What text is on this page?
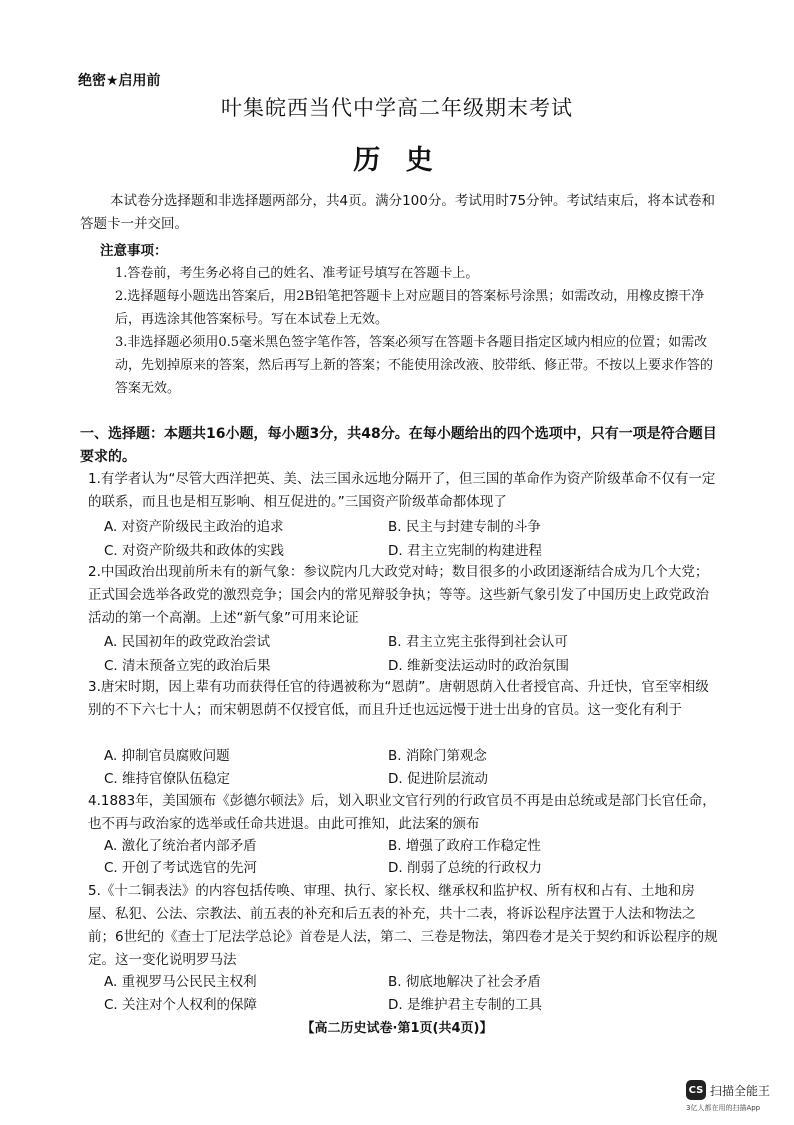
绝密★启用前
叶集皖西当代中学高二年级期末考试
历 史
本试卷分选择题和非选择题两部分，共4页。满分100分。考试用时75分钟。考试结束后，将本试卷和答题卡一并交回。
注意事项：
1.答卷前，考生务必将自己的姓名、准考证号填写在答题卡上。
2.选择题每小题选出答案后，用2B铅笔把答题卡上对应题目的答案标号涂黑；如需改动，用橡皮擦干净后，再选涂其他答案标号。写在本试卷上无效。
3.非选择题必须用0.5毫米黑色签字笔作答，答案必须写在答题卡各题目指定区域内相应的位置；如需改动，先划掉原来的答案，然后再写上新的答案；不能使用涂改液、胶带纸、修正带。不按以上要求作答的答案无效。
一、选择题：本题共16小题，每小题3分，共48分。在每小题给出的四个选项中，只有一项是符合题目要求的。
1.有学者认为“尽管大西洋把英、美、法三国永远地分隔开了，但三国的革命作为资产阶级革命不仅有一定的联系，而且也是相互影响、相互促进的。”三国资产阶级革命都体现了
A. 对资产阶级民主政治的追求	B. 民主与封建专制的斗争
C. 对资产阶级共和政体的实践	D. 君主立宪制的构建进程
2.中国政治出现前所未有的新气象：参议院内几大政党对峙；数目很多的小政团逐渐结合成为几个大党；正式国会选举各政党的激烈竞争；国会内的常见辩驳争执；等等。这些新气象引发了中国历史上政党政治活动的第一个高潮。上述“新气象”可用来论证
A. 民国初年的政党政治尝试	B. 君主立宪主张得到社会认可
C. 清末预备立宪的政治后果	D. 维新变法运动时的政治氛围
3.唐宋时期，因上辈有功而获得任官的待遇被称为“恩荫”。唐朝恩荫入仕者授官高、升迁快，官至宰相级别的不下六七十人；而宋朝恩荫不仅授官低，而且升迁也远远慢于进士出身的官员。这一变化有利于
A. 抑制官员腐败问题	B. 消除门第观念
C. 维持官僚队伍稳定	D. 促进阶层流动
4.1883年，美国颁布《彭德尔顿法》后，划入职业文官行列的行政官员不再是由总统或是部门长官任命，也不再与政治家的选举或任命共进退。由此可推知，此法案的颁布
A. 激化了统治者内部矛盾	B. 增强了政府工作稳定性
C. 开创了考试选官的先河	D. 削弱了总统的行政权力
5.《十二铜表法》的内容包括传唤、审理、执行、家长权、继承权和监护权、所有权和占有、土地和房屋、私犯、公法、宗教法、前五表的补充和后五表的补充，共十二表，将诉讼程序法置于人法和物法之前；6世纪的《查士丁尼法学总论》首卷是人法，第二、三卷是物法，第四卷才是关于契约和诉讼程序的规定。这一变化说明罗马法
A. 重视罗马公民民主权利	B. 彻底地解决了社会矛盾
C. 关注对个人权利的保障	D. 是维护君主专制的工具
【高二历史试卷·第1页(共4页)】
CS 扫描全能王
3亿人都在用的扫描App
